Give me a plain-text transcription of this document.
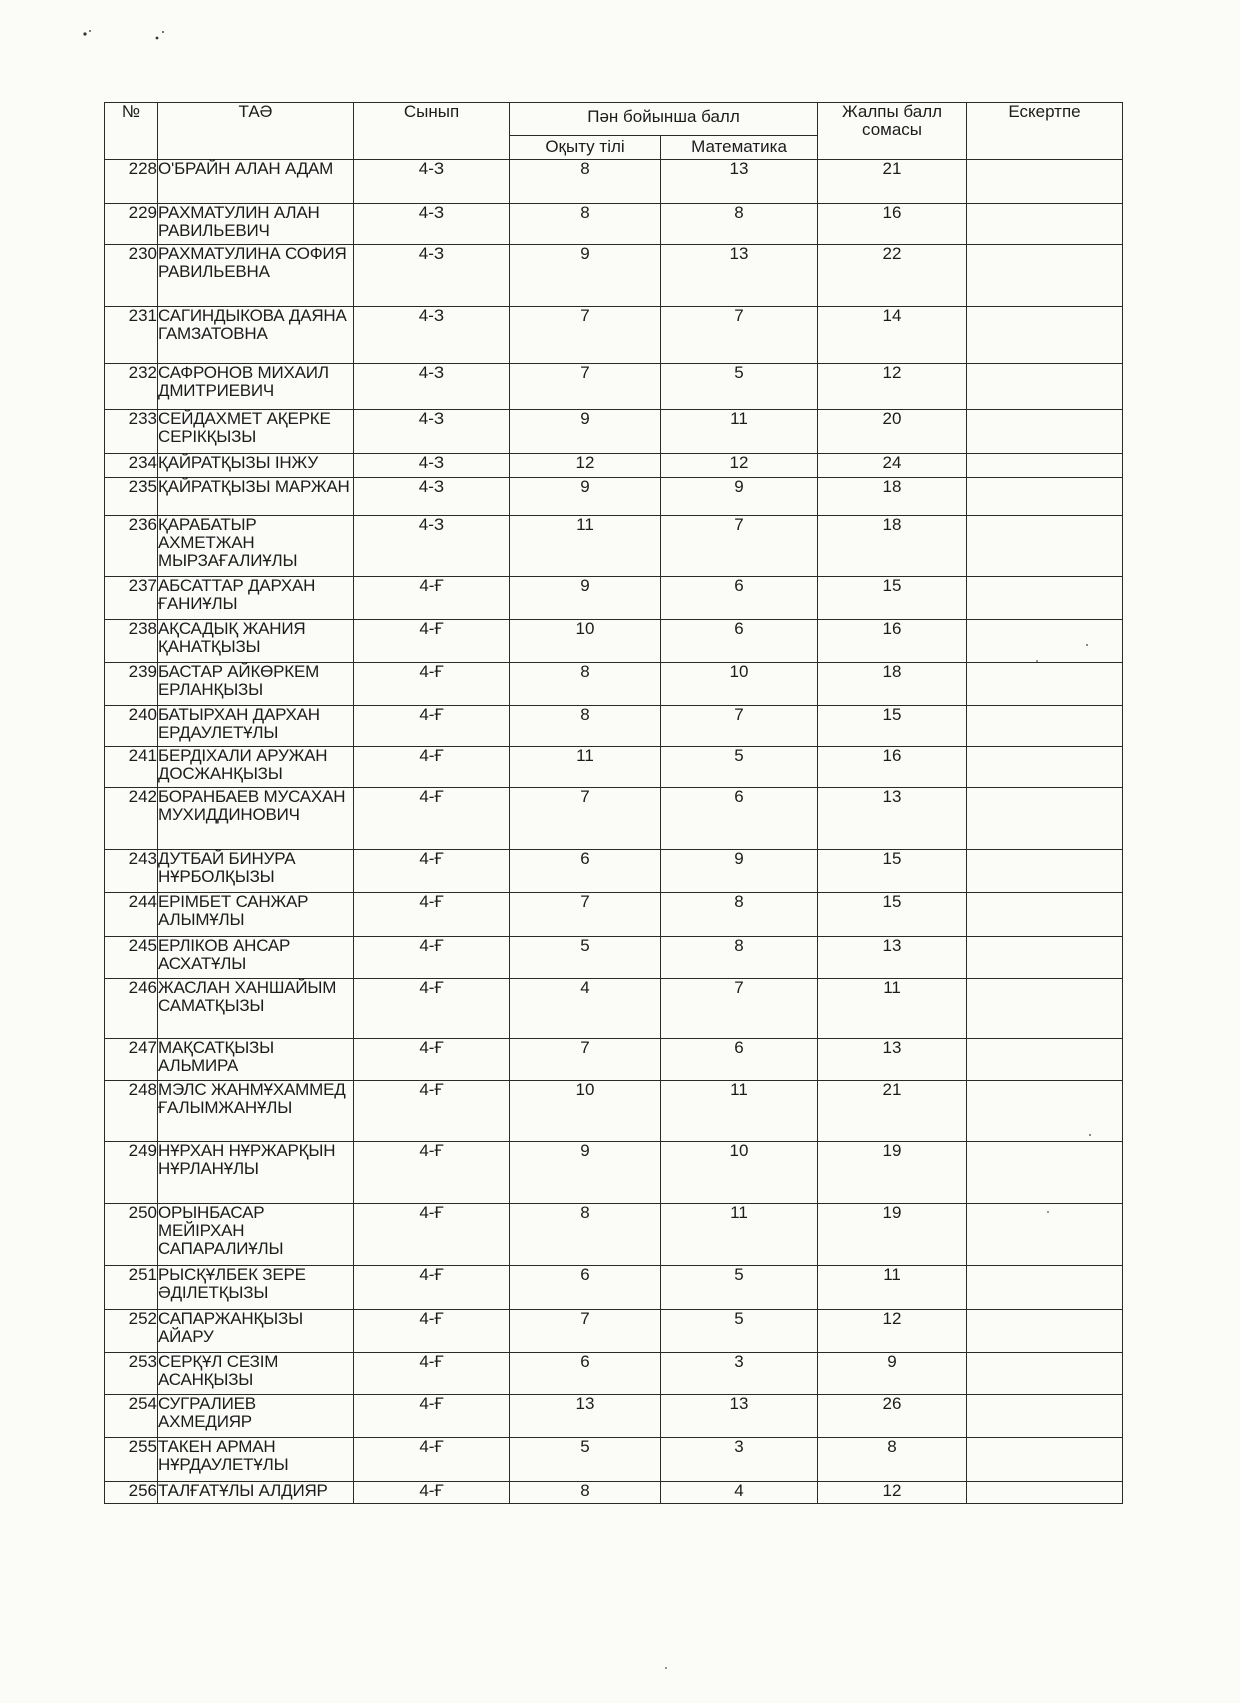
№	ТАӘ	Сынып	Пән бойынша балл		Жалпы балл сомасы	Ескертпе
			Оқыту тілі	Математика		
228	О'БРАЙН АЛАН АДАМ	4-З	8	13	21	
229	РАХМАТУЛИН АЛАН РАВИЛЬЕВИЧ	4-З	8	8	16	
230	РАХМАТУЛИНА СОФИЯ РАВИЛЬЕВНА	4-З	9	13	22	
231	САГИНДЫКОВА ДАЯНА ГАМЗАТОВНА	4-З	7	7	14	
232	САФРОНОВ МИХАИЛ ДМИТРИЕВИЧ	4-З	7	5	12	
233	СЕЙДАХМЕТ АҚЕРКЕ СЕРІКҚЫЗЫ	4-З	9	11	20	
234	ҚАЙРАТҚЫЗЫ ІНЖУ	4-З	12	12	24	
235	ҚАЙРАТҚЫЗЫ МАРЖАН	4-З	9	9	18	
236	ҚАРАБАТЫР АХМЕТЖАН МЫРЗАҒАЛИҰЛЫ	4-З	11	7	18	
237	АБСАТТАР ДАРХАН ҒАНИҰЛЫ	4-Ғ	9	6	15	
238	АҚСАДЫҚ ЖАНИЯ ҚАНАТҚЫЗЫ	4-Ғ	10	6	16	
239	БАСТАР АЙКӨРКЕМ ЕРЛАНҚЫЗЫ	4-Ғ	8	10	18	
240	БАТЫРХАН ДАРХАН ЕРДАУЛЕТҰЛЫ	4-Ғ	8	7	15	
241	БЕРДІХАЛИ АРУЖАН ДОСЖАНҚЫЗЫ	4-Ғ	11	5	16	
242	БОРАНБАЕВ МУСАХАН МУХИДДИНОВИЧ	4-Ғ	7	6	13	
243	ДУТБАЙ БИНУРА НҰРБОЛҚЫЗЫ	4-Ғ	6	9	15	
244	ЕРІМБЕТ САНЖАР АЛЫМҰЛЫ	4-Ғ	7	8	15	
245	ЕРЛІКОВ АНСАР АСХАТҰЛЫ	4-Ғ	5	8	13	
246	ЖАСЛАН ХАНШАЙЫМ САМАТҚЫЗЫ	4-Ғ	4	7	11	
247	МАҚСАТҚЫЗЫ АЛЬМИРА	4-Ғ	7	6	13	
248	МЭЛС ЖАНМҰХАММЕД ҒАЛЫМЖАНҰЛЫ	4-Ғ	10	11	21	
249	НҰРХАН НҰРЖАРҚЫН НҰРЛАНҰЛЫ	4-Ғ	9	10	19	
250	ОРЫНБАСАР МЕЙІРХАН САПАРАЛИҰЛЫ	4-Ғ	8	11	19	
251	РЫСҚҰЛБЕК ЗЕРЕ ӘДІЛЕТҚЫЗЫ	4-Ғ	6	5	11	
252	САПАРЖАНҚЫЗЫ АЙАРУ	4-Ғ	7	5	12	
253	СЕРҚҰЛ СЕЗІМ АСАНҚЫЗЫ	4-Ғ	6	3	9	
254	СУГРАЛИЕВ АХМЕДИЯР	4-Ғ	13	13	26	
255	ТАКЕН АРМАН НҰРДАУЛЕТҰЛЫ	4-Ғ	5	3	8	
256	ТАЛҒАТҰЛЫ АЛДИЯР	4-Ғ	8	4	12	
